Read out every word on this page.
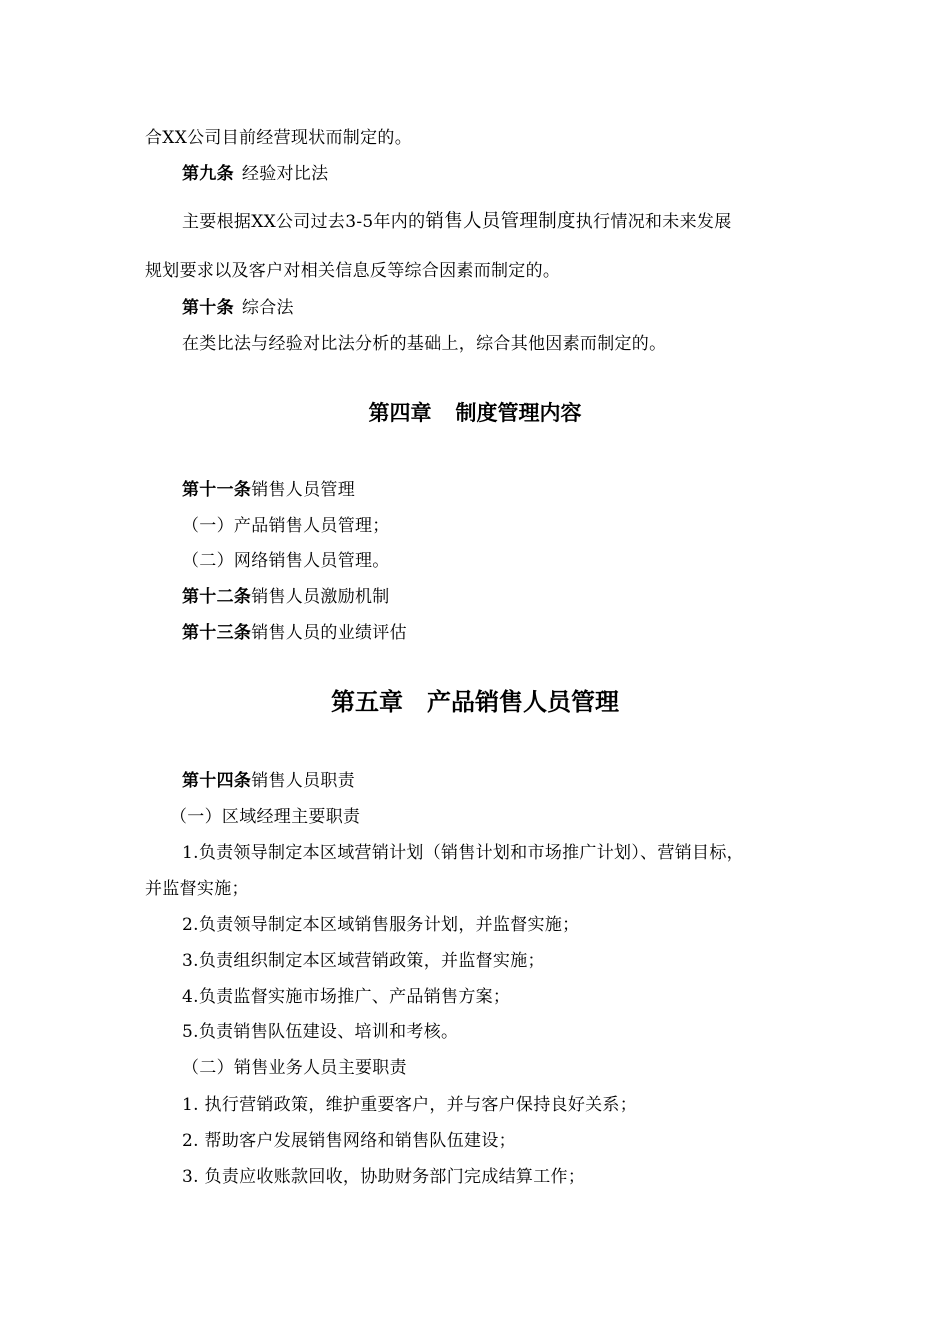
合XX公司目前经营现状而制定的。
第九条 经验对比法
主要根据XX公司过去3-5年内的销售人员管理制度执行情况和未来发展
规划要求以及客户对相关信息反等综合因素而制定的。
第十条 综合法
在类比法与经验对比法分析的基础上，综合其他因素而制定的。
第四章 制度管理内容
第十一条销售人员管理
（一）产品销售人员管理；
（二）网络销售人员管理。
第十二条销售人员激励机制
第十三条销售人员的业绩评估
第五章 产品销售人员管理
第十四条销售人员职责
（一）区域经理主要职责
1.负责领导制定本区域营销计划（销售计划和市场推广计划）、营销目标，
并监督实施；
2.负责领导制定本区域销售服务计划，并监督实施；
3.负责组织制定本区域营销政策，并监督实施；
4.负责监督实施市场推广、产品销售方案；
5.负责销售队伍建设、培训和考核。
（二）销售业务人员主要职责
1. 执行营销政策，维护重要客户，并与客户保持良好关系；
2. 帮助客户发展销售网络和销售队伍建设；
3. 负责应收账款回收，协助财务部门完成结算工作；
